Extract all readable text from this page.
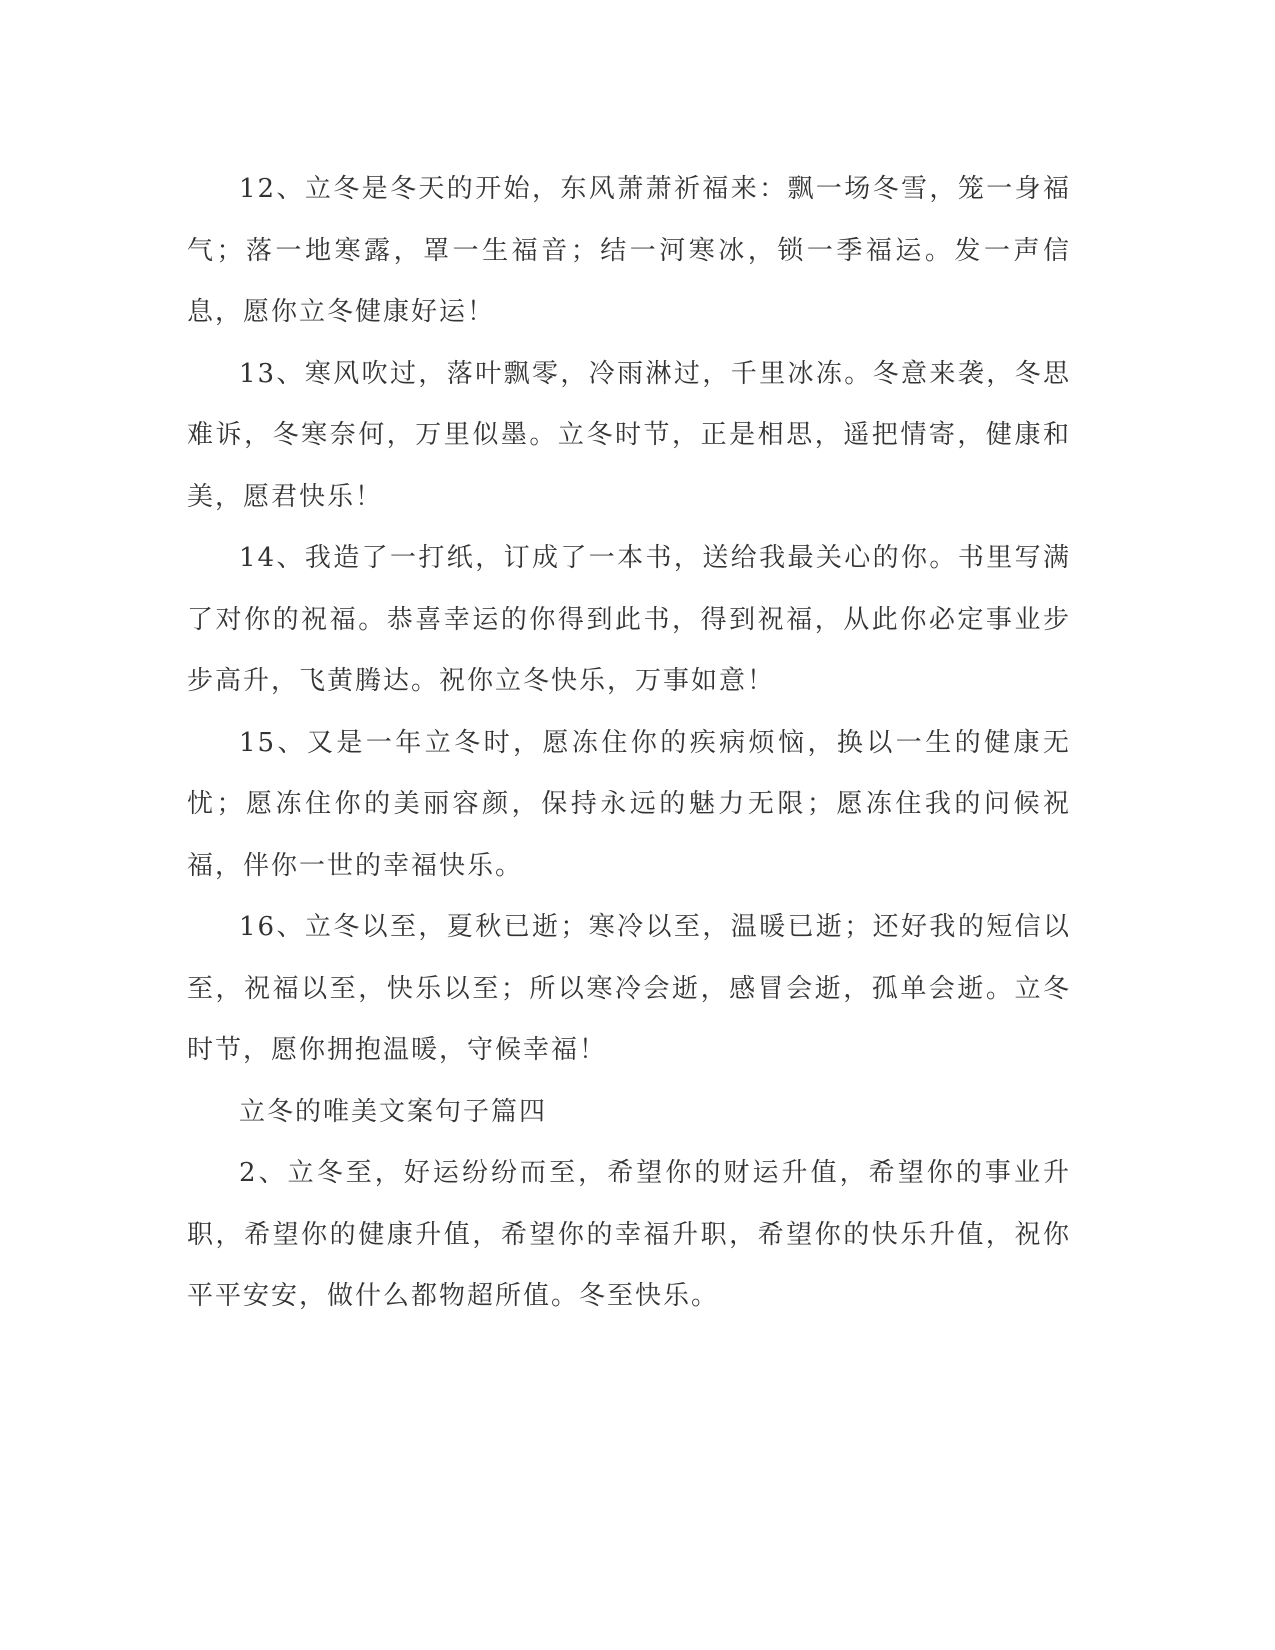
12、立冬是冬天的开始，东风萧萧祈福来：飘一场冬雪，笼一身福气；落一地寒露，罩一生福音；结一河寒冰，锁一季福运。发一声信息，愿你立冬健康好运！

13、寒风吹过，落叶飘零，冷雨淋过，千里冰冻。冬意来袭，冬思难诉，冬寒奈何，万里似墨。立冬时节，正是相思，遥把情寄，健康和美，愿君快乐！

14、我造了一打纸，订成了一本书，送给我最关心的你。书里写满了对你的祝福。恭喜幸运的你得到此书，得到祝福，从此你必定事业步步高升，飞黄腾达。祝你立冬快乐，万事如意！

15、又是一年立冬时，愿冻住你的疾病烦恼，换以一生的健康无忧；愿冻住你的美丽容颜，保持永远的魅力无限；愿冻住我的问候祝福，伴你一世的幸福快乐。

16、立冬以至，夏秋已逝；寒冷以至，温暖已逝；还好我的短信以至，祝福以至，快乐以至；所以寒冷会逝，感冒会逝，孤单会逝。立冬时节，愿你拥抱温暖，守候幸福！

立冬的唯美文案句子篇四

2、立冬至，好运纷纷而至，希望你的财运升值，希望你的事业升职，希望你的健康升值，希望你的幸福升职，希望你的快乐升值，祝你平平安安，做什么都物超所值。冬至快乐。
